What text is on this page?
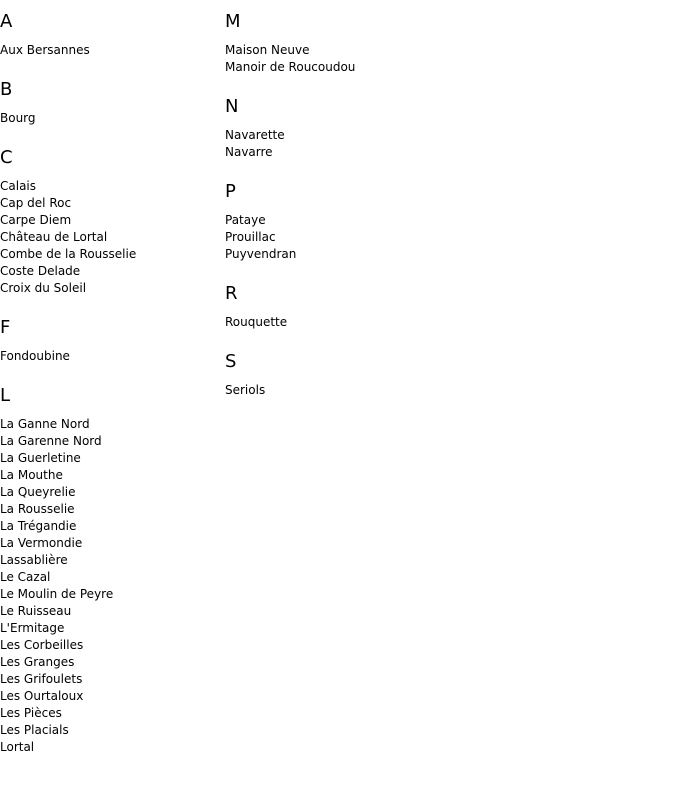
A
Aux Bersannes
B
Bourg
C
Calais
Cap del Roc
Carpe Diem
Château de Lortal
Combe de la Rousselie
Coste Delade
Croix du Soleil
F
Fondoubine
L
La Ganne Nord
La Garenne Nord
La Guerletine
La Mouthe
La Queyrelie
La Rousselie
La Trégandie
La Vermondie
Lassablière
Le Cazal
Le Moulin de Peyre
Le Ruisseau
L'Ermitage
Les Corbeilles
Les Granges
Les Grifoulets
Les Ourtaloux
Les Pièces
Les Placials
Lortal
M
Maison Neuve
Manoir de Roucoudou
N
Navarette
Navarre
P
Pataye
Prouillac
Puyvendran
R
Rouquette
S
Seriols
